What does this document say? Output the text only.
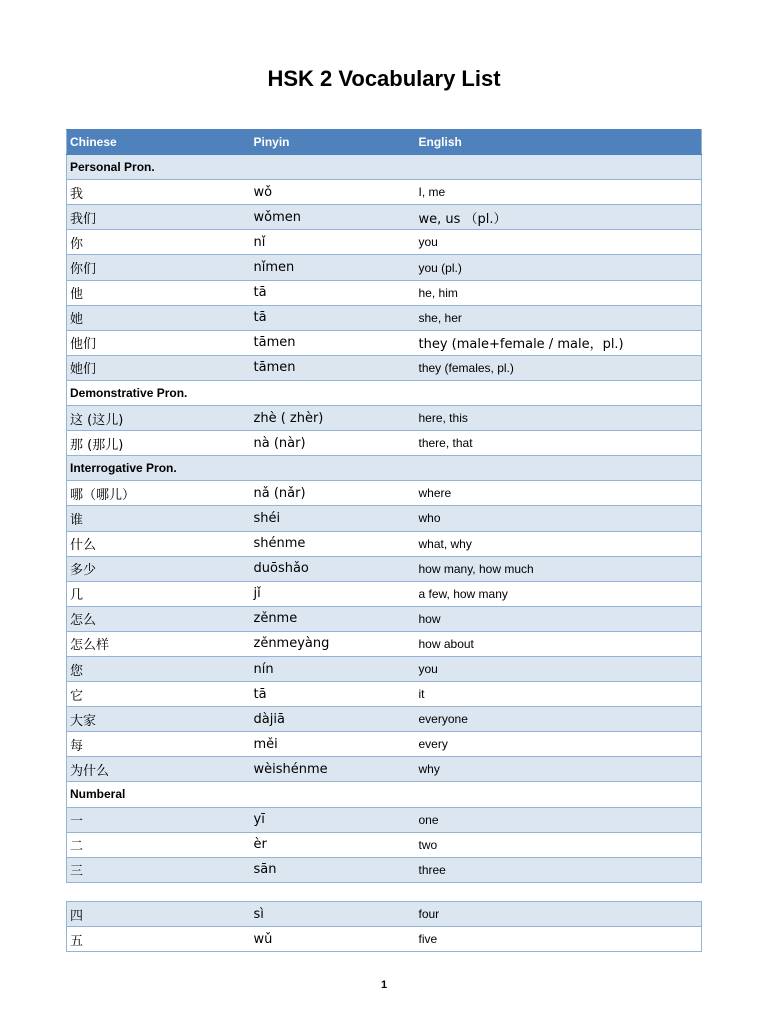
HSK 2 Vocabulary List
Chinese	Pinyin	English
Personal Pron.		
我	wǒ	I, me
我们	wǒmen	we, us （pl.）
你	nǐ	you
你们	nǐmen	you (pl.)
他	tā	he, him
她	tā	she, her
他们	tāmen	they (male+female / male，pl.)
她们	tāmen	they (females, pl.)
Demonstrative Pron.		
这 (这儿)	zhè ( zhèr)	here, this
那 (那儿)	nà (nàr)	there, that
Interrogative Pron.		
哪（哪儿）	nǎ (nǎr)	where
谁	shéi	who
什么	shénme	what, why
多少	duōshǎo	how many, how much
几	jǐ	a few, how many
怎么	zěnme	how
怎么样	zěnmeyàng	how about
您	nín	you
它	tā	it
大家	dàjiā	everyone
每	měi	every
为什么	wèishénme	why
Numberal		
一	yī	one
二	èr	two
三	sān	three
四	sì	four
五	wǔ	five
1
